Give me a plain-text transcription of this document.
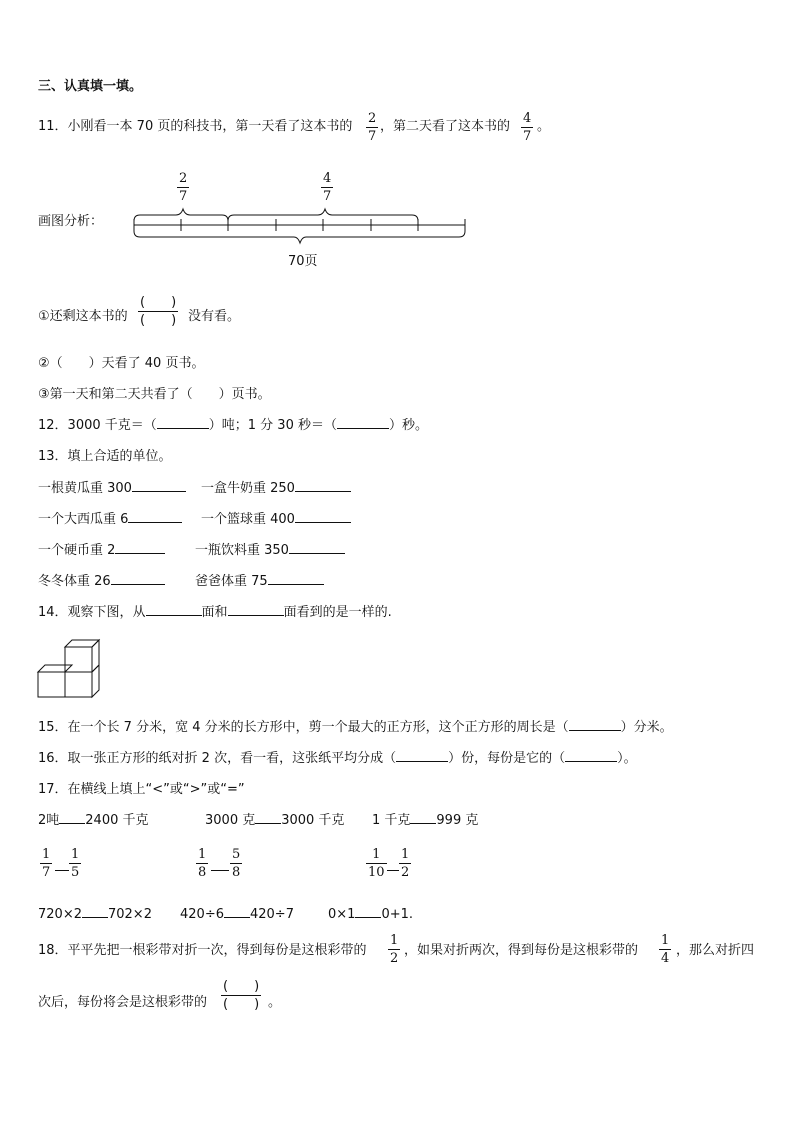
三、认真填一填。
11．小刚看一本 70 页的科技书，第一天看了这本书的
2
7
，第二天看了这本书的
4
7
。
画图分析：
2
7
4
7
70页
①还剩这本书的
(　　)
(　　) 没有看。
②（　　）天看了 40 页书。
③第一天和第二天共看了（　　）页书。
12．3000 千克＝（	）吨；1 分 30 秒＝（	）秒。
13．填上合适的单位。
一根黄瓜重 300	一盒牛奶重 250
一个大西瓜重 6	一个篮球重 400
一个硬币重 2	一瓶饮料重 350
冬冬体重 26	爸爸体重 75
14．观察下图，从	面和	面看到的是一样的.
15．在一个长 7 分米，宽 4 分米的长方形中，剪一个最大的正方形，这个正方形的周长是（	）分米。
16．取一张正方形的纸对折 2 次，看一看，这张纸平均分成（	）份，每份是它的（	）。
17．在横线上填上“<”或“>”或“=”
2吨 2400 千克	3000 克 3000 千克 1 千克 999 克
1
7
1
5
1
8
5
8
1
10
1
2
720×2 702×2 420÷6 420÷7	0×1 0+1.
18．平平先把一根彩带对折一次，得到每份是这根彩带的
1
2
，如果对折两次，得到每份是这根彩带的
1
4
，那么对折四
次后，每份将会是这根彩带的
(　　)
(　　) 。
